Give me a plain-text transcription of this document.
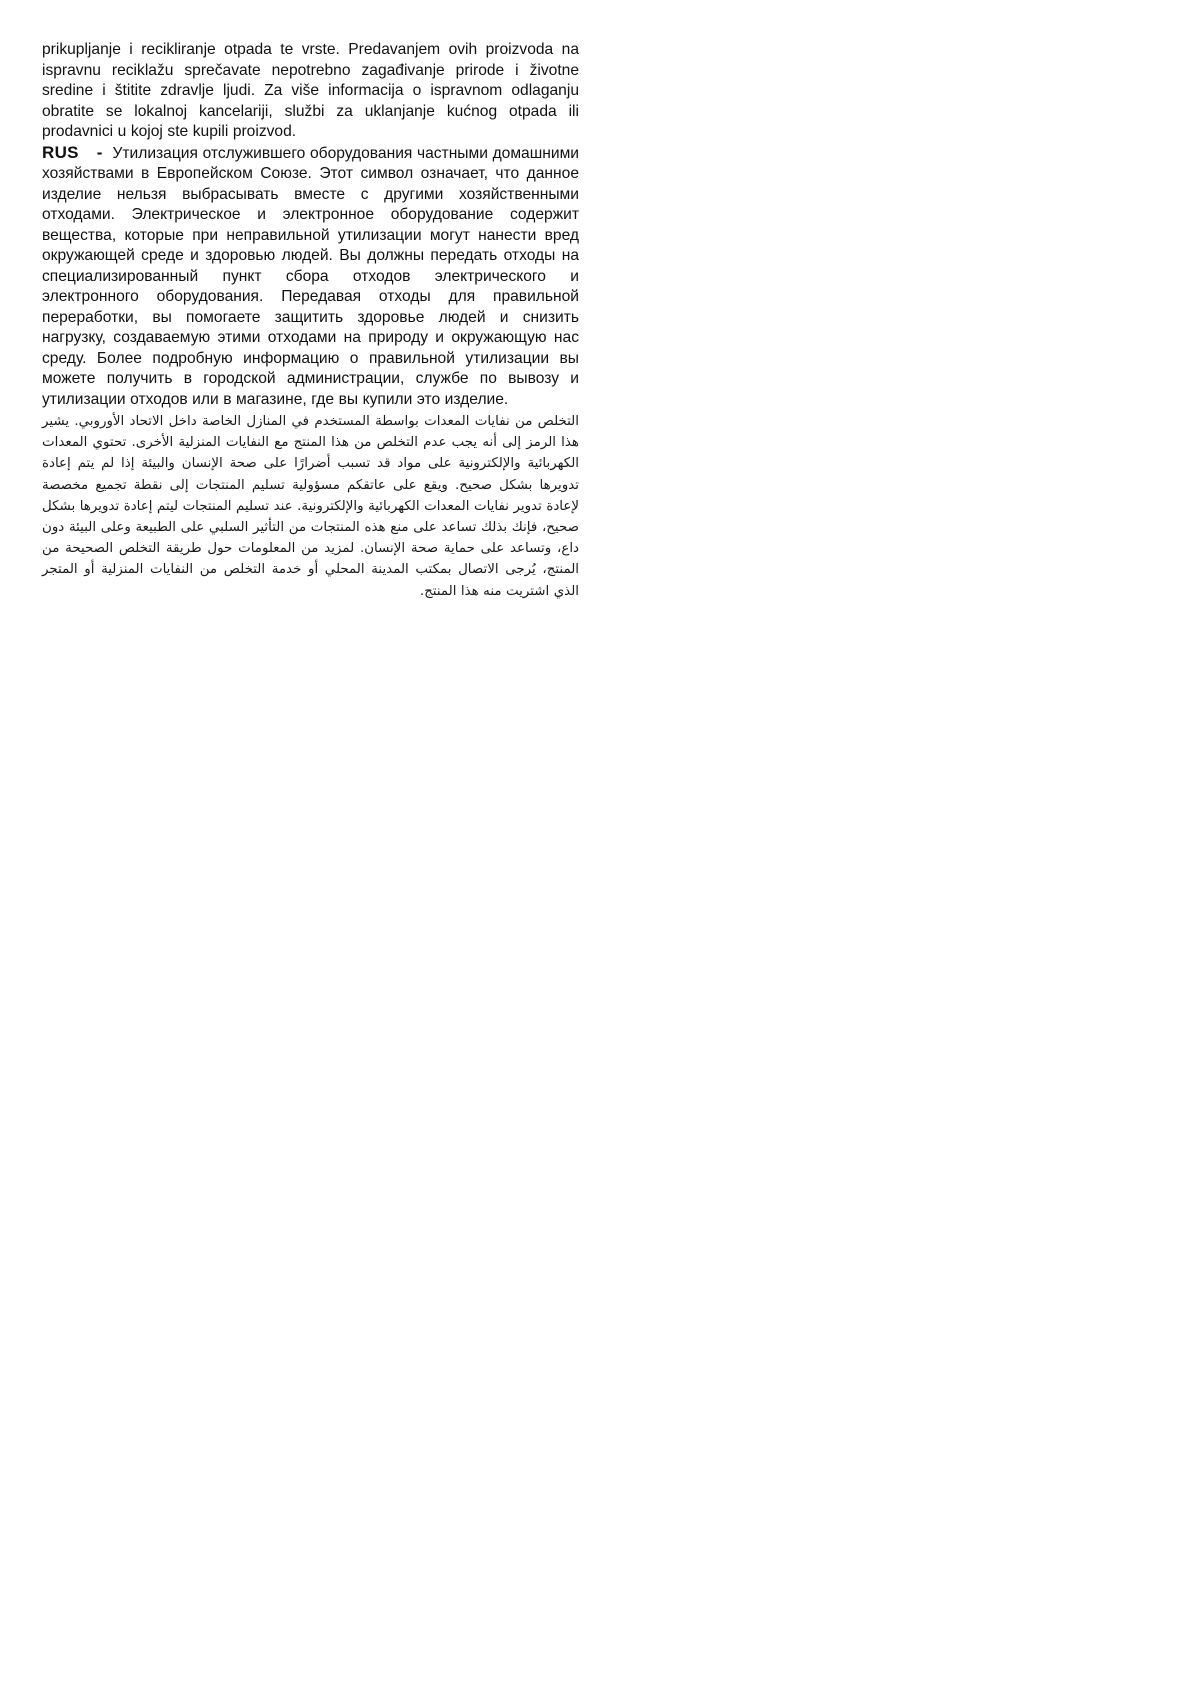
prikupljanje i recikliranje otpada te vrste. Predavanjem ovih proizvoda na ispravnu reciklažu sprečavate nepotrebno zagađivanje prirode i životne sredine i štitite zdravlje ljudi. Za više informacija o ispravnom odlaganju obratite se lokalnoj kancelariji, službi za uklanjanje kućnog otpada ili prodavnici u kojoj ste kupili proizvod.

RUS - Утилизация отслужившего оборудования частными домашними хозяйствами в Европейском Союзе. Этот символ означает, что данное изделие нельзя выбрасывать вместе с другими хозяйственными отходами. Электрическое и электронное оборудование содержит вещества, которые при неправильной утилизации могут нанести вред окружающей среде и здоровью людей. Вы должны передать отходы на специализированный пункт сбора отходов электрического и электронного оборудования. Передавая отходы для правильной переработки, вы помогаете защитить здоровье людей и снизить нагрузку, создаваемую этими отходами на природу и окружающую нас среду. Более подробную информацию о правильной утилизации вы можете получить в городской администрации, службе по вывозу и утилизации отходов или в магазине, где вы купили это изделие.

التخلص من نفايات المعدات بواسطة المستخدم في المنازل الخاصة داخل الاتحاد الأوروبي. يشير هذا الرمز إلى أنه يجب عدم التخلص من هذا المنتج مع النفايات المنزلية الأخرى. تحتوي المعدات الكهربائية والإلكترونية على مواد قد تسبب أضرارًا على صحة الإنسان والبيئة إذا لم يتم إعادة تدويرها بشكل صحيح. ويقع على عاتقكم مسؤولية تسليم المنتجات إلى نقطة تجميع مخصصة لإعادة تدوير نفايات المعدات الكهربائية والإلكترونية. عند تسليم المنتجات ليتم إعادة تدويرها بشكل صحيح، فإنك بذلك تساعد على منع هذه المنتجات من التأثير السلبي على الطبيعة وعلى البيئة دون داع، وتساعد على حماية صحة الإنسان. لمزيد من المعلومات حول طريقة التخلص الصحيحة من المنتج، يُرجى الاتصال بمكتب المدينة المحلي أو خدمة التخلص من النفايات المنزلية أو المتجر الذي اشتريت منه هذا المنتج.
